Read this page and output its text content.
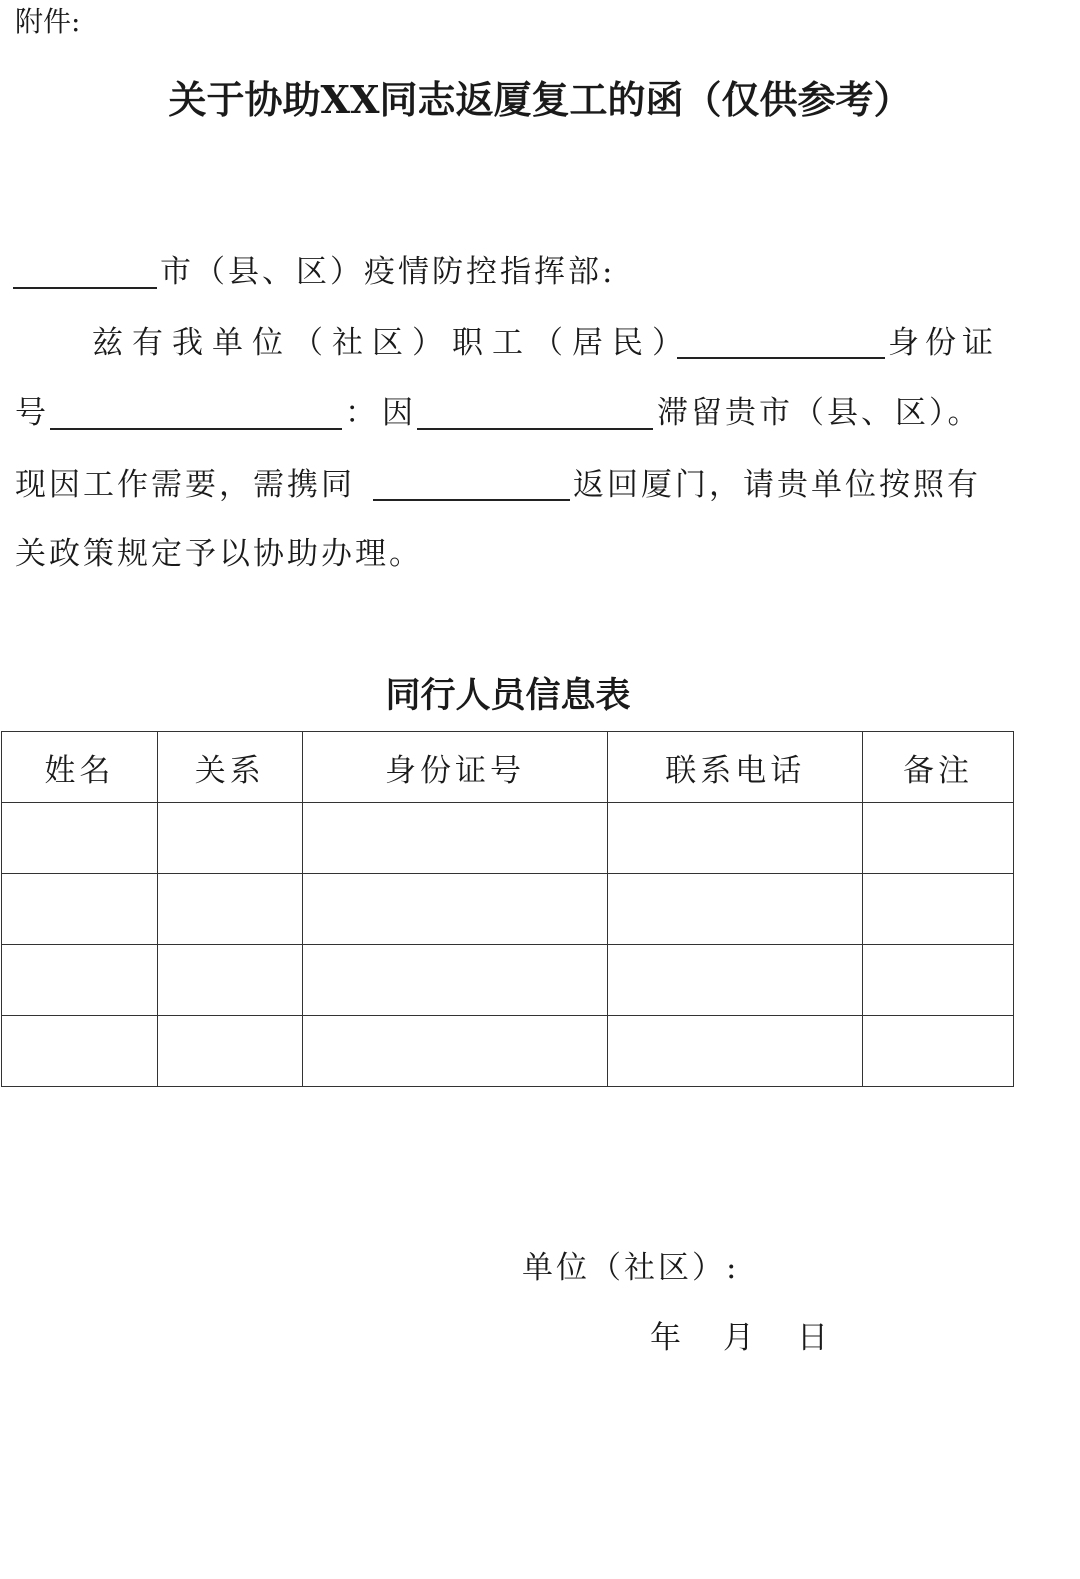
附件:
关于协助XX同志返厦复工的函（仅供参考）
市（县、区）疫情防控指挥部:
兹有我单位（社区）职工（居民）	身份证
号	：因	滞留贵市（县、区）。
现因工作需要，需携同	返回厦门，请贵单位按照有
关政策规定予以协助办理。
同行人员信息表
姓名	关系	身份证号	联系电话	备注

单位（社区）:
年 月 日
